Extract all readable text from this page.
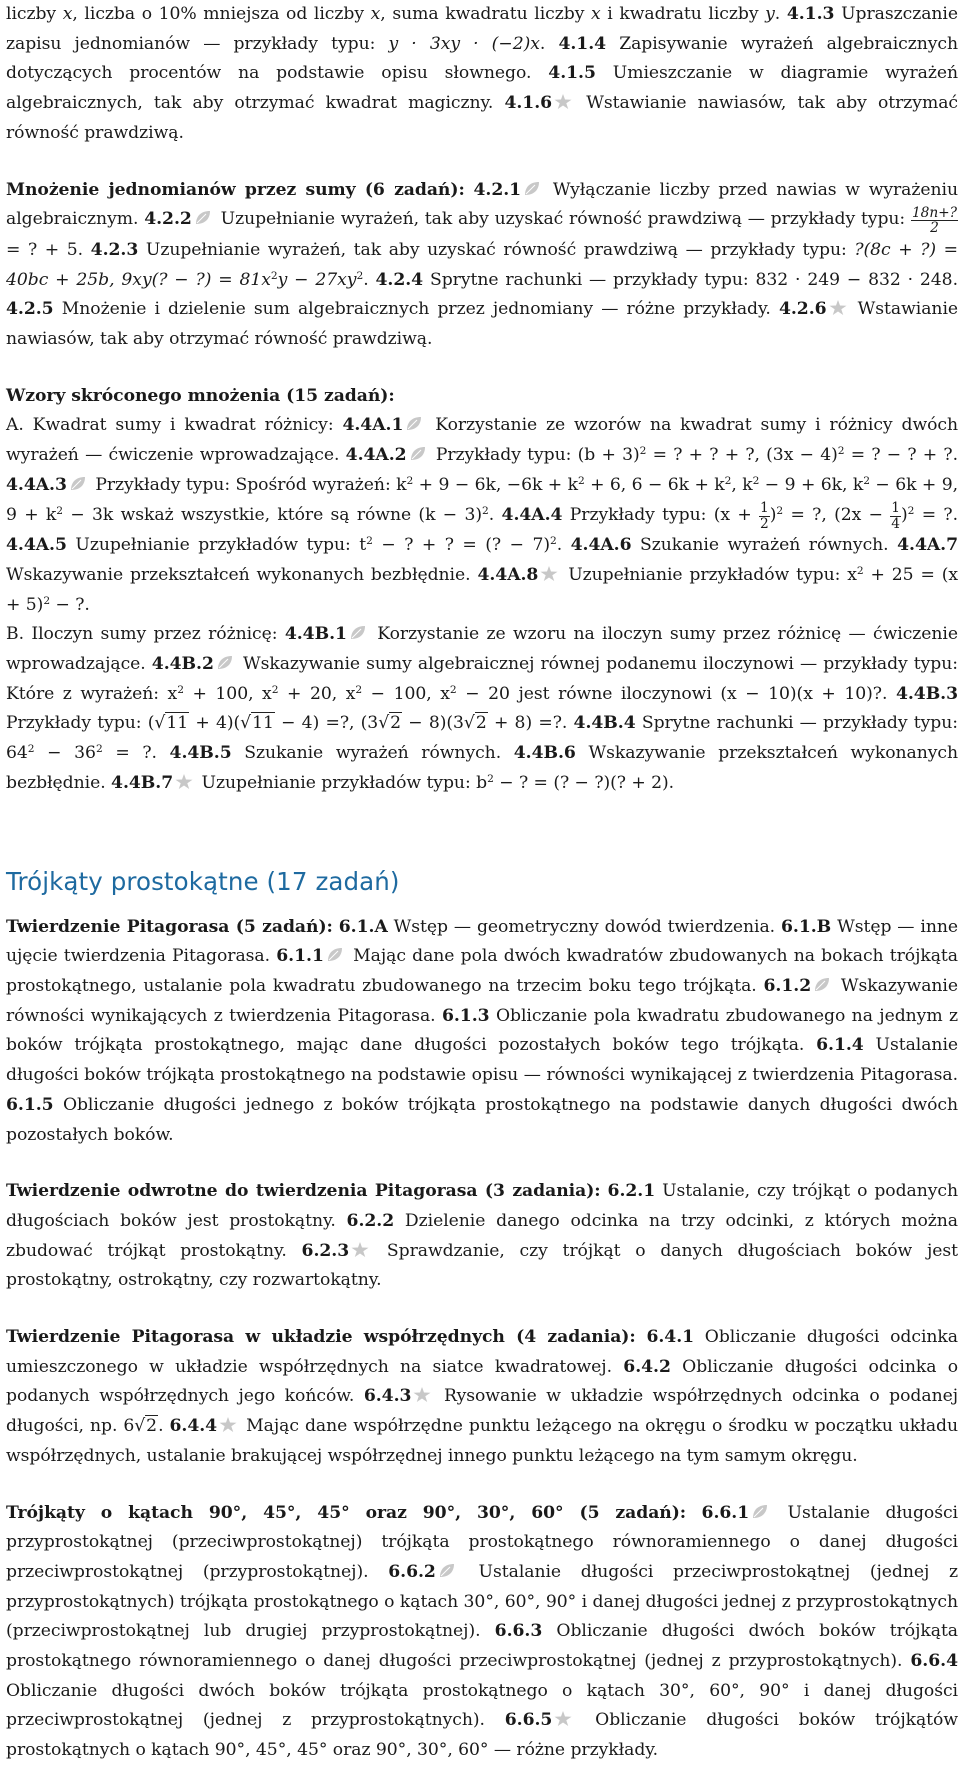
liczby x, liczba o 10% mniejsza od liczby x, suma kwadratu liczby x i kwadratu liczby y. 4.1.3 Upraszczanie zapisu jednomianów — przykłady typu: y · 3xy · (−2)x. 4.1.4 Zapisywanie wyrażeń algebraicznych dotyczących procentów na podstawie opisu słownego. 4.1.5 Umieszczanie w diagramie wyrażeń algebraicznych, tak aby otrzymać kwadrat magiczny. 4.1.6 Wstawianie nawiasów, tak aby otrzymać równość prawdziwą.

Mnożenie jednomianów przez sumy (6 zadań): 4.2.1 Wyłączanie liczby przed nawias w wyrażeniu algebraicznym. 4.2.2 Uzupełnianie wyrażeń, tak aby uzyskać równość prawdziwą — przykłady typu: $\frac{18n+?}{2}$
= ? + 5. 4.2.3 Uzupełnianie wyrażeń, tak aby uzyskać równość prawdziwą — przykłady typu: ?(8c + ?) = 40bc + 25b, 9xy(? − ?) = $81x^2y - 27xy^2$. 4.2.4 Sprytne rachunki — przykłady typu: 832 · 249 − 832 · 248. 4.2.5 Mnożenie i dzielenie sum algebraicznych przez jednomiany — różne przykłady. 4.2.6 Wstawianie nawiasów, tak aby otrzymać równość prawdziwą.

Wzory skróconego mnożenia (15 zadań):
A. Kwadrat sumy i kwadrat różnicy: 4.4A.1 Korzystanie ze wzorów na kwadrat sumy i różnicy dwóch wyrażeń — ćwiczenie wprowadzające. 4.4A.2 Przykłady typu: $(b + 3)^2$ = ? + ? + ?, $(3x - 4)^2$ = ? − ? + ?. 4.4A.3 Przykłady typu: Spośród wyrażeń: $k^2 + 9 - 6k$, $-6k + k^2 + 6$, $6 - 6k + k^2$, $k^2 - 9 + 6k$, $k^2 - 6k + 9$, $9 + k^2 - 3k$ wskaż wszystkie, które są równe $(k - 3)^2$. 4.4A.4 Przykłady typu: $(x + \frac{1}{2} )^2$ = ?, $(2x - \frac{1}{4} )^2$ = ?. 4.4A.5 Uzupełnianie przykładów typu: $t^2$ − ? + ? = (? − 7)$^2$. 4.4A.6 Szukanie wyrażeń równych. 4.4A.7 Wskazywanie przekształceń wykonanych bezbłędnie. 4.4A.8 Uzupełnianie przykładów typu: $x^2 + 25 = (x + 5)^2$ − ?.
B. Iloczyn sumy przez różnicę: 4.4B.1 Korzystanie ze wzoru na iloczyn sumy przez różnicę — ćwiczenie wprowadzające. 4.4B.2 Wskazywanie sumy algebraicznej równej podanemu iloczynowi — przykłady typu: Które z wyrażeń: $x^2 + 100$, $x^2 + 20$, $x^2 - 100$, $x^2 - 20$ jest równe iloczynowi (x − 10)(x + 10)?. 4.4B.3 Przykłady typu: (√11 + 4)(√11 − 4) =?, (3√2 − 8)(3√2 + 8) =?. 4.4B.4 Sprytne rachunki — przykłady typu: $64^2 - 36^2$ = ?. 4.4B.5 Szukanie wyrażeń równych. 4.4B.6 Wskazywanie przekształceń wykonanych bezbłędnie. 4.4B.7 Uzupełnianie przykładów typu: $b^2$ − ? = (? − ?)(? + 2).

Trójkąty prostokątne (17 zadań)

Twierdzenie Pitagorasa (5 zadań): 6.1.A Wstęp — geometryczny dowód twierdzenia. 6.1.B Wstęp — inne ujęcie twierdzenia Pitagorasa. 6.1.1 Mając dane pola dwóch kwadratów zbudowanych na bokach trójkąta prostokątnego, ustalanie pola kwadratu zbudowanego na trzecim boku tego trójkąta. 6.1.2 Wskazywanie równości wynikających z twierdzenia Pitagorasa. 6.1.3 Obliczanie pola kwadratu zbudowanego na jednym z boków trójkąta prostokątnego, mając dane długości pozostałych boków tego trójkąta. 6.1.4 Ustalanie długości boków trójkąta prostokątnego na podstawie opisu — równości wynikającej z twierdzenia Pitagorasa. 6.1.5 Obliczanie długości jednego z boków trójkąta prostokątnego na podstawie danych długości dwóch pozostałych boków.

Twierdzenie odwrotne do twierdzenia Pitagorasa (3 zadania): 6.2.1 Ustalanie, czy trójkąt o podanych długościach boków jest prostokątny. 6.2.2 Dzielenie danego odcinka na trzy odcinki, z których można zbudować trójkąt prostokątny. 6.2.3 Sprawdzanie, czy trójkąt o danych długościach boków jest prostokątny, ostrokątny, czy rozwartokątny.

Twierdzenie Pitagorasa w układzie współrzędnych (4 zadania): 6.4.1 Obliczanie długości odcinka umieszczonego w układzie współrzędnych na siatce kwadratowej. 6.4.2 Obliczanie długości odcinka o podanych współrzędnych jego końców. 6.4.3 Rysowanie w układzie współrzędnych odcinka o podanej długości, np. 6√2. 6.4.4 Mając dane współrzędne punktu leżącego na okręgu o środku w początku układu współrzędnych, ustalanie brakującej współrzędnej innego punktu leżącego na tym samym okręgu.

Trójkąty o kątach 90°, 45°, 45° oraz 90°, 30°, 60° (5 zadań): 6.6.1 Ustalanie długości przyprostokątnej (przeciwprostokątnej) trójkąta prostokątnego równoramiennego o danej długości przeciwprostokątnej (przyprostokątnej). 6.6.2 Ustalanie długości przeciwprostokątnej (jednej z przyprostokątnych) trójkąta prostokątnego o kątach 30°, 60°, 90° i danej długości jednej z przyprostokątnych (przeciwprostokątnej lub drugiej przyprostokątnej). 6.6.3 Obliczanie długości dwóch boków trójkąta prostokątnego równoramiennego o danej długości przeciwprostokątnej (jednej z przyprostokątnych). 6.6.4 Obliczanie długości dwóch boków trójkąta prostokątnego o kątach 30°, 60°, 90° i danej długości przeciwprostokątnej (jednej z przyprostokątnych). 6.6.5 Obliczanie długości boków trójkątów prostokątnych o kątach 90°, 45°, 45° oraz 90°, 30°, 60° — różne przykłady.
